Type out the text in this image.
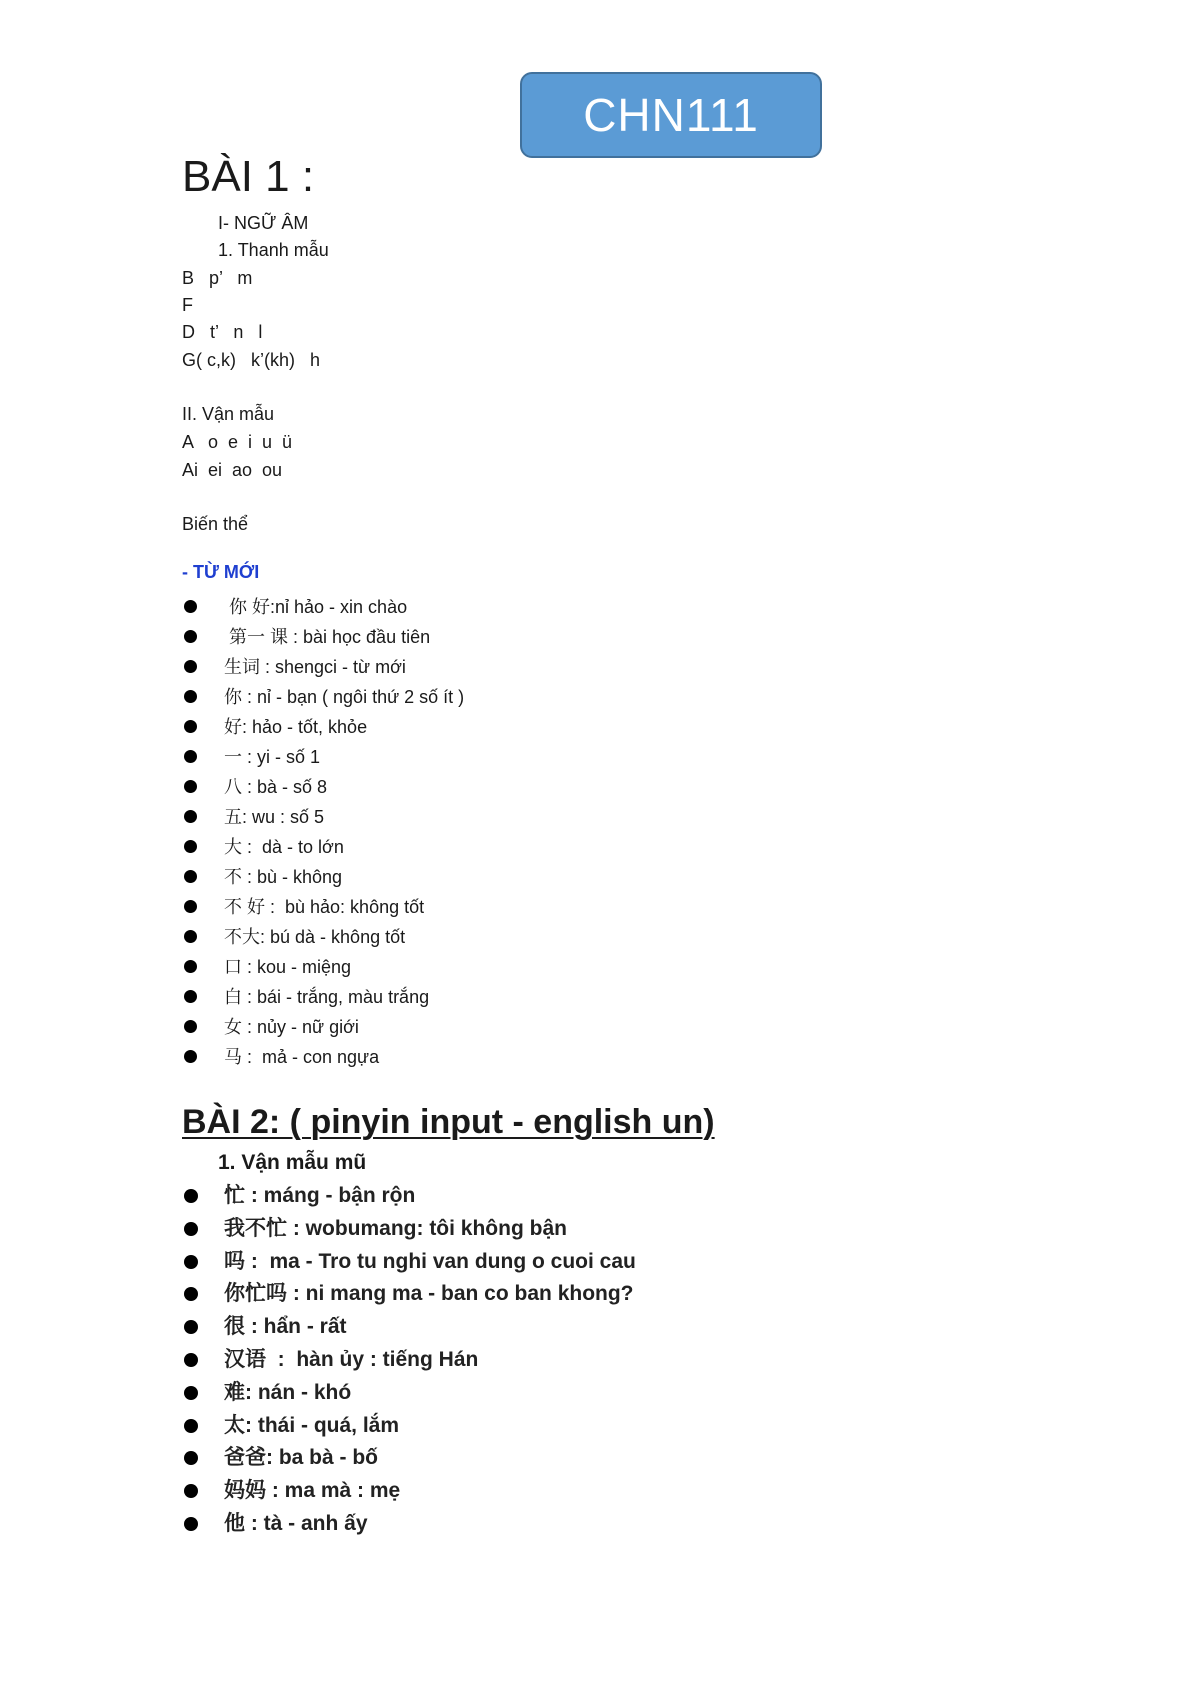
CHN111
BÀI 1 :
I- NGỮ ÂM
1. Thanh mẫu
B   p’   m
F
D   t’   n   l
G( c,k)   k’(kh)   h
II. Vận mẫu
A   o  e  i  u  ü
Ai  ei  ao  ou
Biến thể
- TỪ MỚI
你 好:nỉ hảo - xin chào
第一 课 : bài học đầu tiên
生词 : shengci - từ mới
你 : nỉ - bạn ( ngôi thứ 2 số ít )
好: hảo - tốt, khỏe
一 : yi - số 1
八 : bà - số 8
五: wu : số 5
大 :  dà - to lớn
不 : bù - không
不 好 :  bù hảo: không tốt
不大: bú dà - không tốt
口 : kou - miệng
白 : bái - trắng, màu trắng
女 : nủy - nữ giới
马 :  mả - con ngựa
BÀI 2: ( pinyin input - english un)
1. Vận mẫu mũ
忙 : máng - bận rộn
我不忙 : wobumang: tôi không bận
吗 :  ma - Tro tu nghi van dung o cuoi cau
你忙吗 : ni mang ma - ban co ban khong?
很 : hẩn - rất
汉语  :  hàn ủy : tiếng Hán
难: nán - khó
太: thái - quá, lắm
爸爸: ba bà - bố
妈妈 : ma mà : mẹ
他 : tà - anh ấy
